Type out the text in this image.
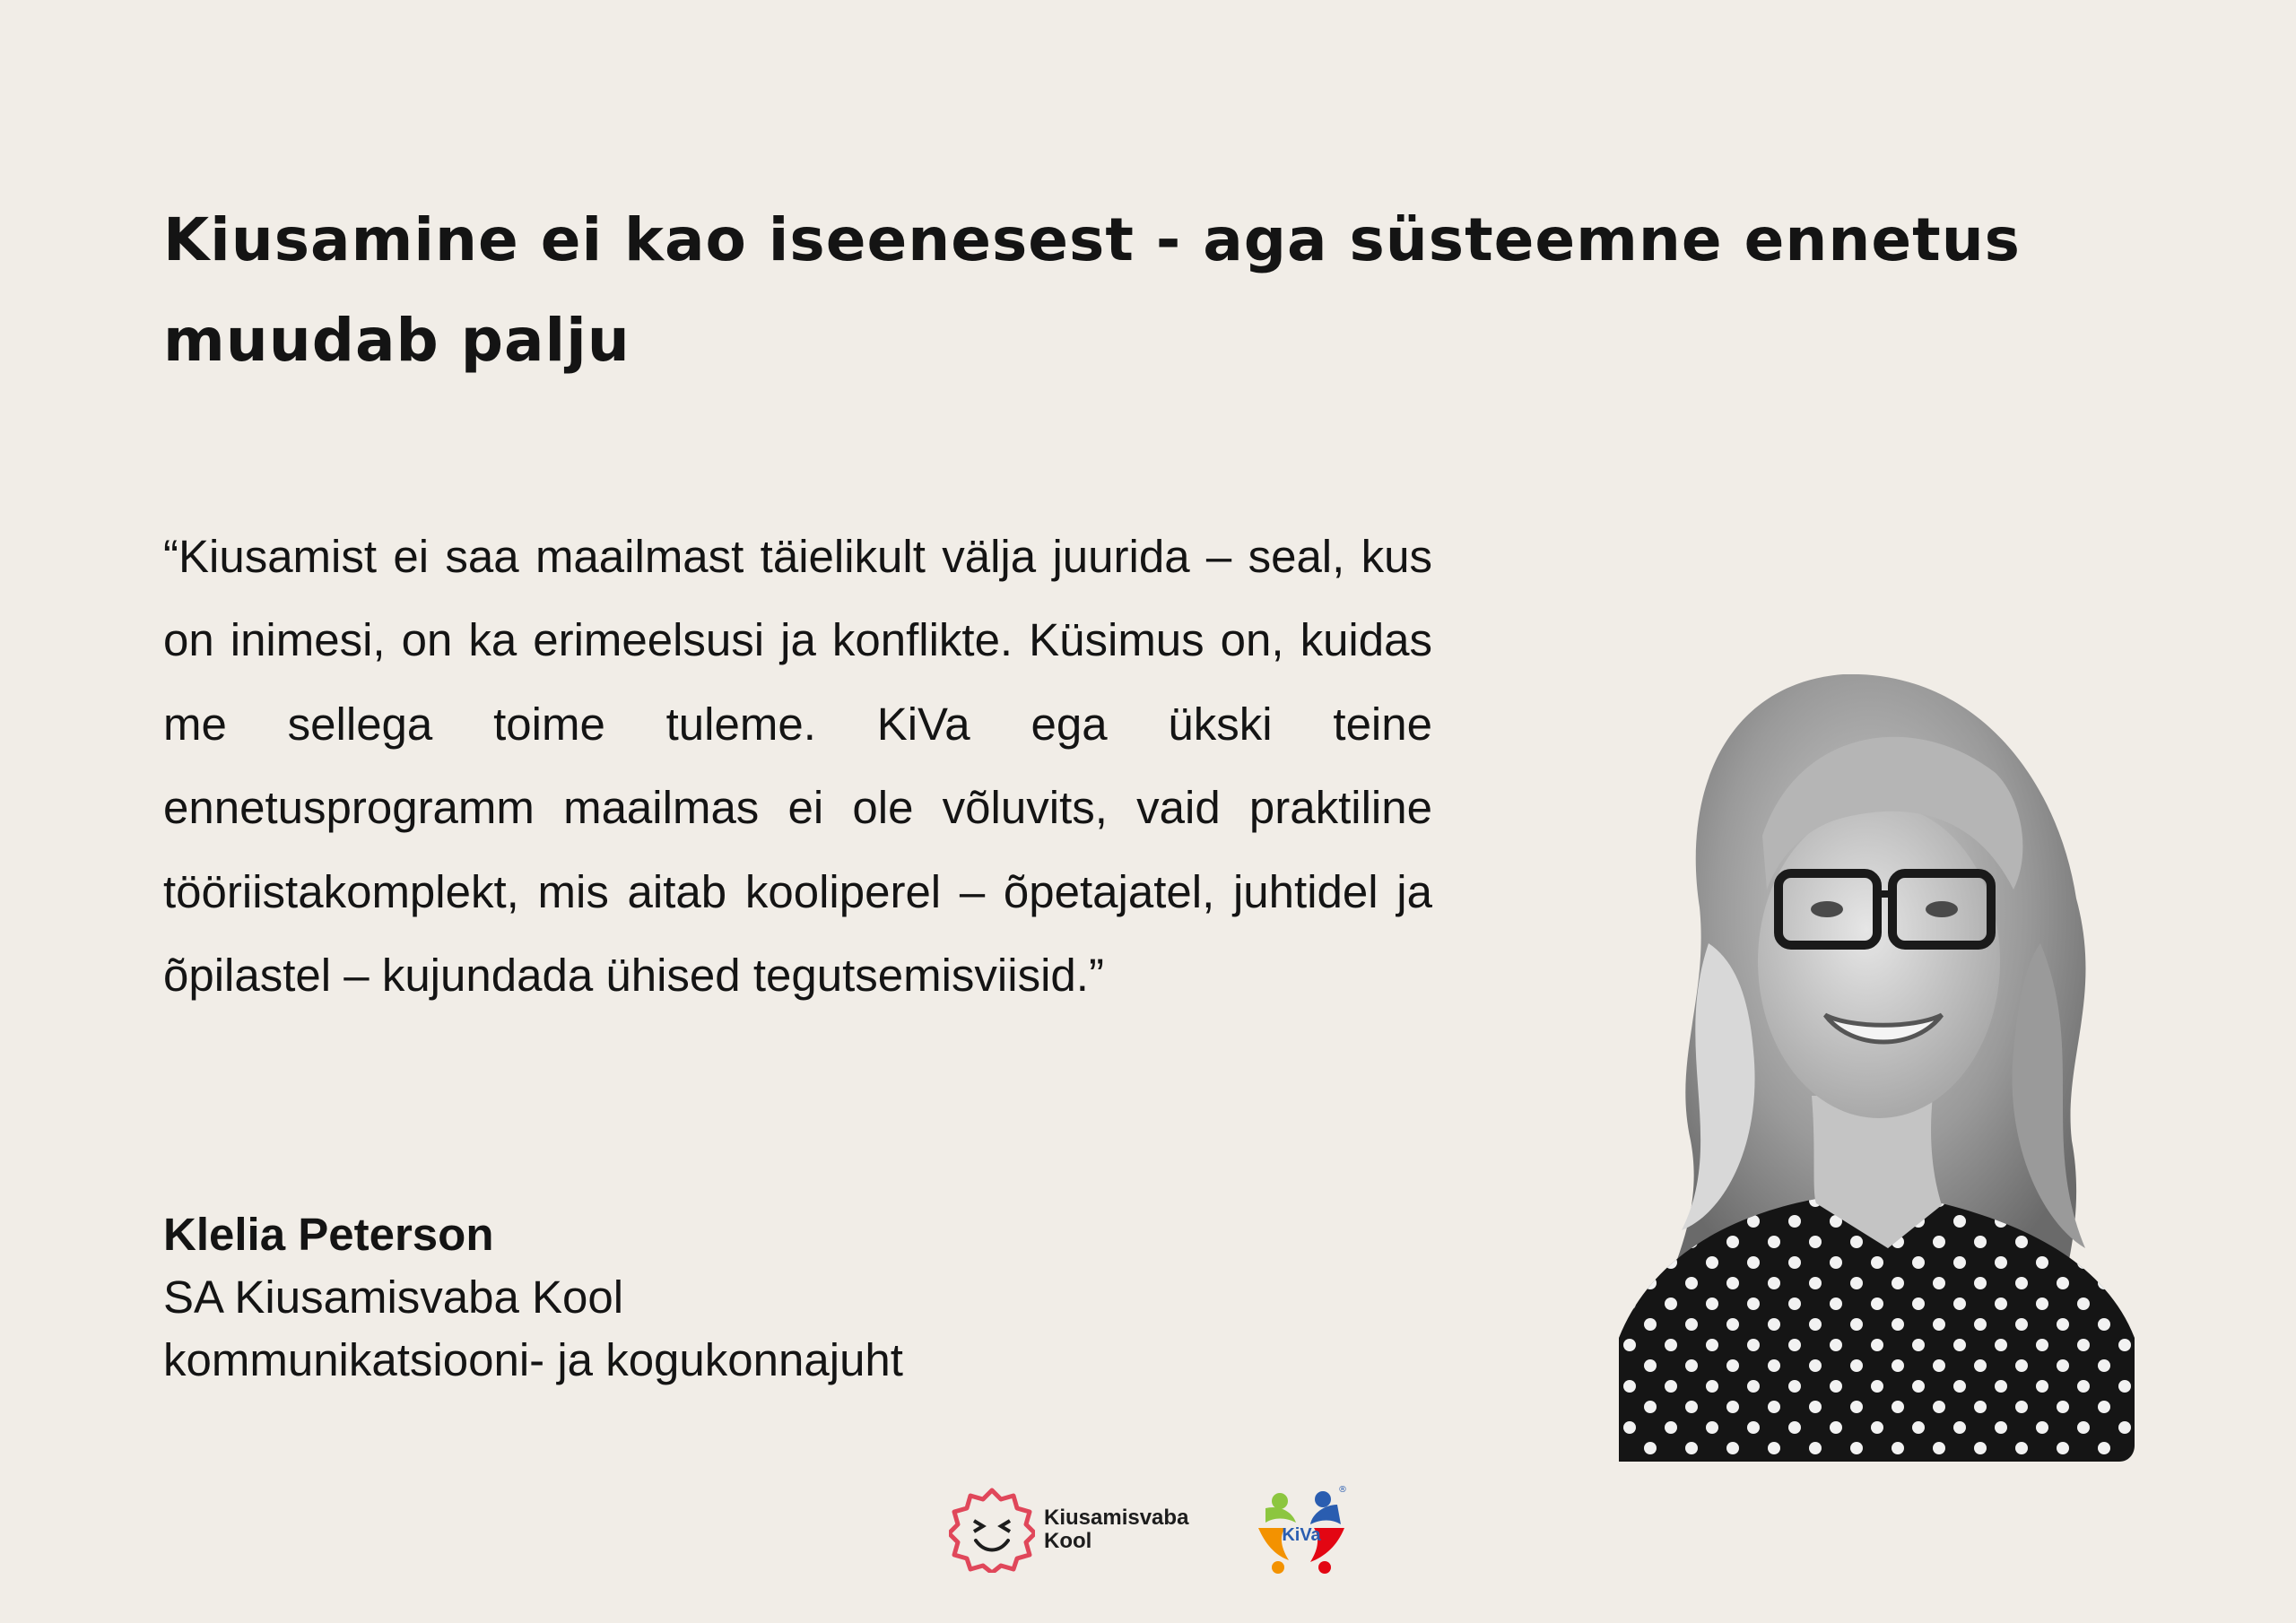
Kiusamine ei kao iseenesest - aga süsteemne ennetus muudab palju

“Kiusamist ei saa maailmast täielikult välja juurida – seal, kus on inimesi, on ka erimeelsusi ja konflikte. Küsimus on, kuidas me sellega toime tuleme. KiVa ega ükski teine ennetusprogramm maailmas ei ole võluvits, vaid praktiline tööriistakomplekt, mis aitab kooliperel – õpetajatel, juhtidel ja õpilastel – kujundada ühised tegutsemisviisid.”

Klelia Peterson
SA Kiusamisvaba Kool
kommunikatsiooni- ja kogukonnajuht
Kiusamisvaba
Kool	KiVa
®
